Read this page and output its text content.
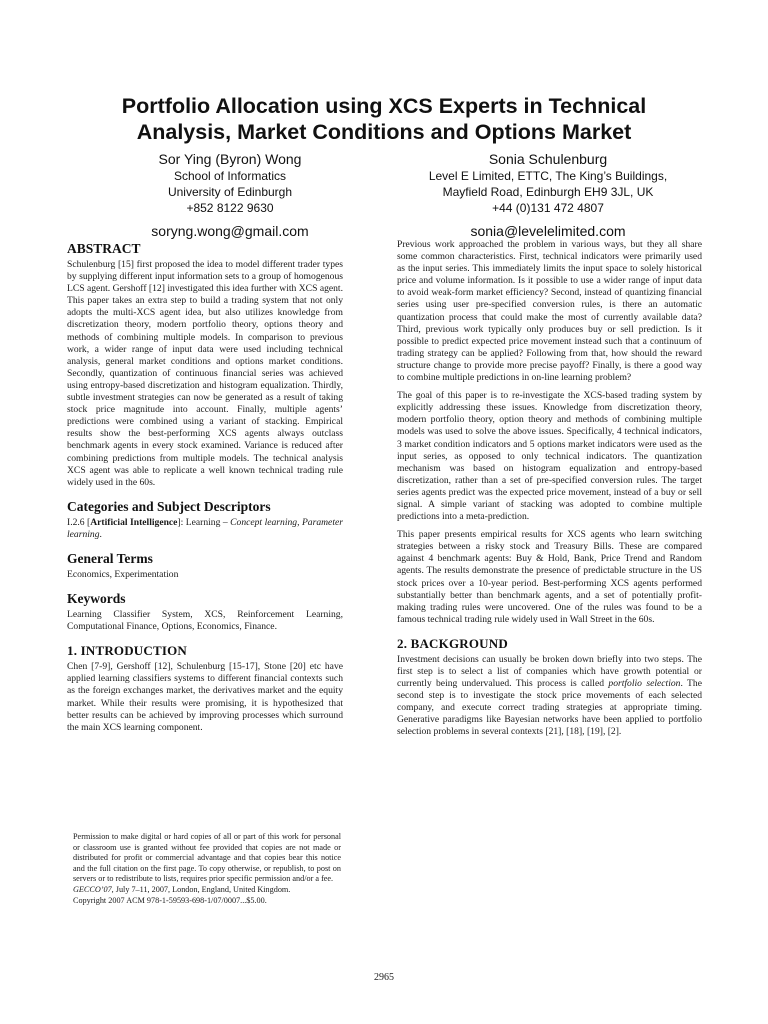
Portfolio Allocation using XCS Experts in Technical
Analysis, Market Conditions and Options Market
Sor Ying (Byron) Wong
School of Informatics
University of Edinburgh
+852 8122 9630
soryng.wong@gmail.com
Sonia Schulenburg
Level E Limited, ETTC, The King’s Buildings,
Mayfield Road, Edinburgh EH9 3JL, UK
+44 (0)131 472 4807
sonia@levelelimited.com
ABSTRACT

Schulenburg [15] first proposed the idea to model different trader types by supplying different input information sets to a group of homogenous LCS agent. Gershoff [12] investigated this idea further with XCS agent. This paper takes an extra step to build a trading system that not only adopts the multi-XCS agent idea, but also utilizes knowledge from discretization theory, modern portfolio theory, options theory and methods of combining multiple models. In comparison to previous work, a wider range of input data were used including technical analysis, general market conditions and options market conditions. Secondly, quantization of continuous financial series was achieved using entropy-based discretization and histogram equalization. Thirdly, subtle investment strategies can now be generated as a result of taking stock price magnitude into account. Finally, multiple agents’ predictions were combined using a variant of stacking. Empirical results show the best-performing XCS agents always outclass benchmark agents in every stock examined. Variance is reduced after combining predictions from multiple models. The technical analysis XCS agent was able to replicate a well known technical trading rule widely used in the 60s.

Categories and Subject Descriptors

I.2.6 [Artificial Intelligence]: Learning – Concept learning, Parameter learning.

General Terms

Economics, Experimentation

Keywords

Learning Classifier System, XCS, Reinforcement Learning, Computational Finance, Options, Economics, Finance.

1. INTRODUCTION

Chen [7-9], Gershoff [12], Schulenburg [15-17], Stone [20] etc have applied learning classifiers systems to different financial contexts such as the foreign exchanges market, the derivatives market and the equity market. While their results were promising, it is hypothesized that better results can be achieved by improving processes which surround the main XCS learning component.

Permission to make digital or hard copies of all or part of this work for personal or classroom use is granted without fee provided that copies are not made or distributed for profit or commercial advantage and that copies bear this notice and the full citation on the first page. To copy otherwise, or republish, to post on servers or to redistribute to lists, requires prior specific permission and/or a fee.

GECCO’07, July 7–11, 2007, London, England, United Kingdom.

Copyright 2007 ACM 978-1-59593-698-1/07/0007...$5.00.

Previous work approached the problem in various ways, but they all share some common characteristics. First, technical indicators were primarily used as the input series. This immediately limits the input space to solely historical price and volume information. Is it possible to use a wider range of input data to avoid weak-form market efficiency? Second, instead of quantizing financial series using user pre-specified conversion rules, is there an automatic quantization process that could make the most of currently available data? Third, previous work typically only produces buy or sell prediction. Is it possible to predict expected price movement instead such that a continuum of trading strategy can be applied? Following from that, how should the reward structure change to provide more precise payoff? Finally, is there a good way to combine multiple predictions in on-line learning problem?

The goal of this paper is to re-investigate the XCS-based trading system by explicitly addressing these issues. Knowledge from discretization theory, modern portfolio theory, option theory and methods of combining multiple models was used to solve the above issues. Specifically, 4 technical indicators, 3 market condition indicators and 5 options market indicators were used as the input series, as opposed to only technical indicators. The quantization mechanism was based on histogram equalization and entropy-based discretization, rather than a set of pre-specified conversion rules. The target series agents predict was the expected price movement, instead of a buy or sell signal. A simple variant of stacking was adopted to combine multiple predictions into a meta-prediction.

This paper presents empirical results for XCS agents who learn switching strategies between a risky stock and Treasury Bills. These are compared against 4 benchmark agents: Buy & Hold, Bank, Price Trend and Random agents. The results demonstrate the presence of predictable structure in the US stock prices over a 10-year period. Best-performing XCS agents performed substantially better than benchmark agents, and a set of potentially profit-making trading rules were uncovered. One of the rules was found to be a famous technical trading rule widely used in Wall Street in the 60s.

2. BACKGROUND

Investment decisions can usually be broken down briefly into two steps. The first step is to select a list of companies which have growth potential or currently being undervalued. This process is called portfolio selection. The second step is to investigate the stock price movements of each selected company, and execute correct trading strategies at appropriate timing. Generative paradigms like Bayesian networks have been applied to portfolio selection problems in several contexts [21], [18], [19], [2].

2965
